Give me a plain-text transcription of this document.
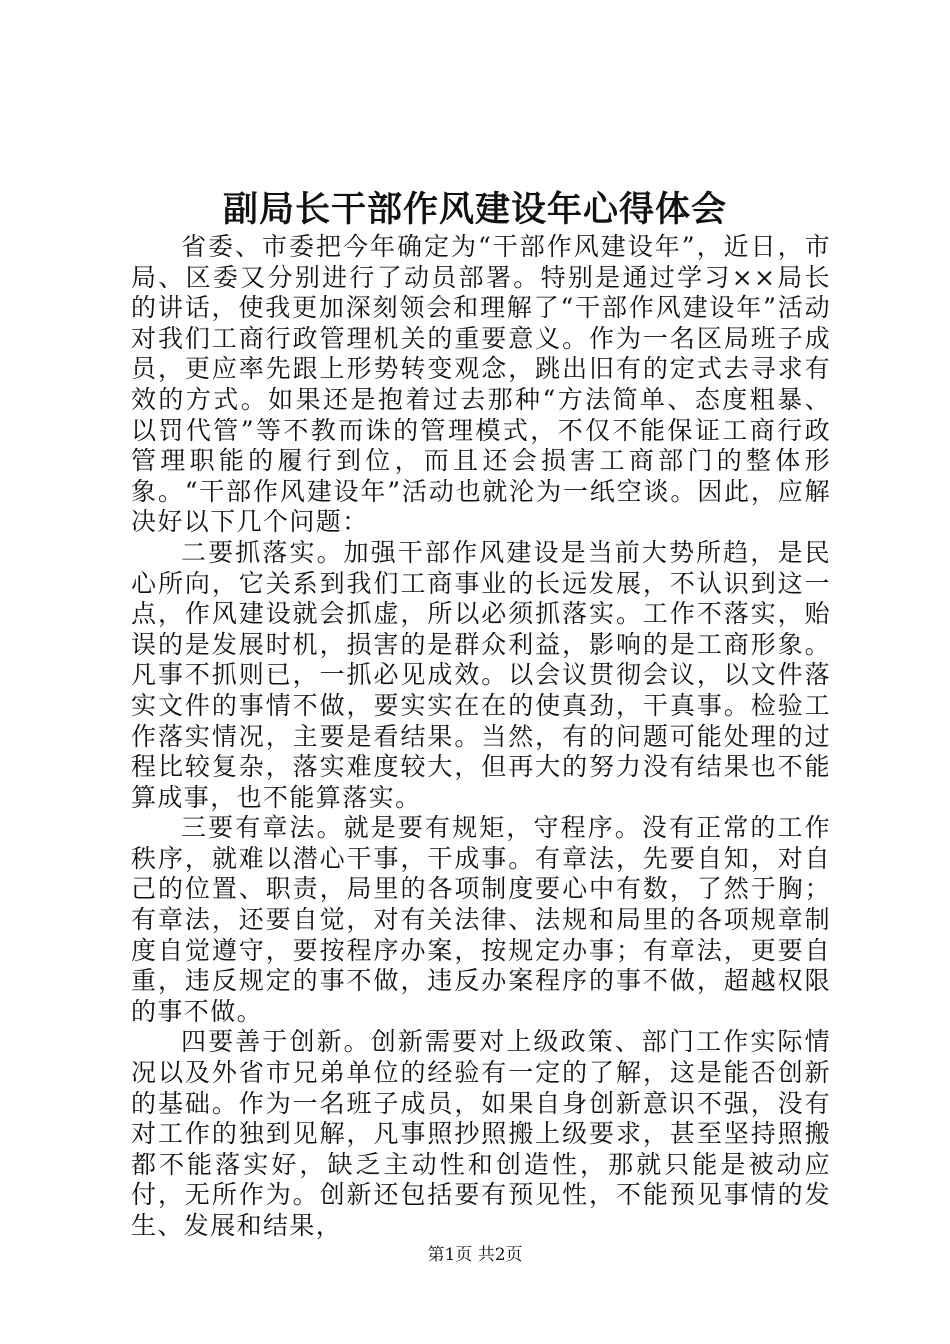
副局长干部作风建设年心得体会

省委、市委把今年确定为“干部作风建设年”，近日，市局、区委又分别进行了动员部署。特别是通过学习××局长的讲话，使我更加深刻领会和理解了“干部作风建设年”活动对我们工商行政管理机关的重要意义。作为一名区局班子成员，更应率先跟上形势转变观念，跳出旧有的定式去寻求有效的方式。如果还是抱着过去那种“方法简单、态度粗暴、以罚代管”等不教而诛的管理模式，不仅不能保证工商行政管理职能的履行到位，而且还会损害工商部门的整体形象。“干部作风建设年”活动也就沦为一纸空谈。因此，应解决好以下几个问题：

二要抓落实。加强干部作风建设是当前大势所趋，是民心所向，它关系到我们工商事业的长远发展，不认识到这一点，作风建设就会抓虚，所以必须抓落实。工作不落实，贻误的是发展时机，损害的是群众利益，影响的是工商形象。凡事不抓则已，一抓必见成效。以会议贯彻会议，以文件落实文件的事情不做，要实实在在的使真劲，干真事。检验工作落实情况，主要是看结果。当然，有的问题可能处理的过程比较复杂，落实难度较大，但再大的努力没有结果也不能算成事，也不能算落实。

三要有章法。就是要有规矩，守程序。没有正常的工作秩序，就难以潜心干事，干成事。有章法，先要自知，对自己的位置、职责，局里的各项制度要心中有数，了然于胸；有章法，还要自觉，对有关法律、法规和局里的各项规章制度自觉遵守，要按程序办案，按规定办事；有章法，更要自重，违反规定的事不做，违反办案程序的事不做，超越权限的事不做。

四要善于创新。创新需要对上级政策、部门工作实际情况以及外省市兄弟单位的经验有一定的了解，这是能否创新的基础。作为一名班子成员，如果自身创新意识不强，没有对工作的独到见解，凡事照抄照搬上级要求，甚至坚持照搬都不能落实好，缺乏主动性和创造性，那就只能是被动应付，无所作为。创新还包括要有预见性，不能预见事情的发生、发展和结果，

第1页 共2页
